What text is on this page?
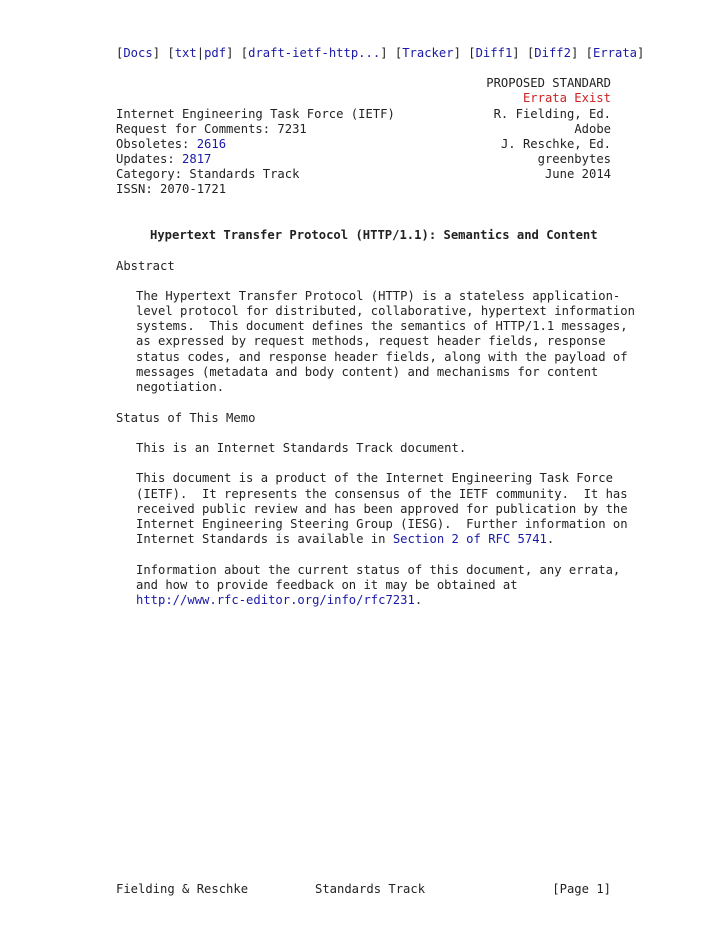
[Docs] [txt|pdf] [draft-ietf-http...] [Tracker] [Diff1] [Diff2] [Errata]
PROPOSED STANDARD
Errata Exist
R. Fielding, Ed.
Adobe
J. Reschke, Ed.
greenbytes
June 2014
Internet Engineering Task Force (IETF)
Request for Comments: 7231
Obsoletes: 2616
Updates: 2817
Category: Standards Track
ISSN: 2070-1721
Hypertext Transfer Protocol (HTTP/1.1): Semantics and Content
Abstract
The Hypertext Transfer Protocol (HTTP) is a stateless application-
level protocol for distributed, collaborative, hypertext information
systems.  This document defines the semantics of HTTP/1.1 messages,
as expressed by request methods, request header fields, response
status codes, and response header fields, along with the payload of
messages (metadata and body content) and mechanisms for content
negotiation.
Status of This Memo
This is an Internet Standards Track document.
This document is a product of the Internet Engineering Task Force
(IETF).  It represents the consensus of the IETF community.  It has
received public review and has been approved for publication by the
Internet Engineering Steering Group (IESG).  Further information on
Internet Standards is available in Section 2 of RFC 5741.
Information about the current status of this document, any errata,
and how to provide feedback on it may be obtained at
http://www.rfc-editor.org/info/rfc7231.
Fielding & Reschke	Standards Track	[Page 1]
